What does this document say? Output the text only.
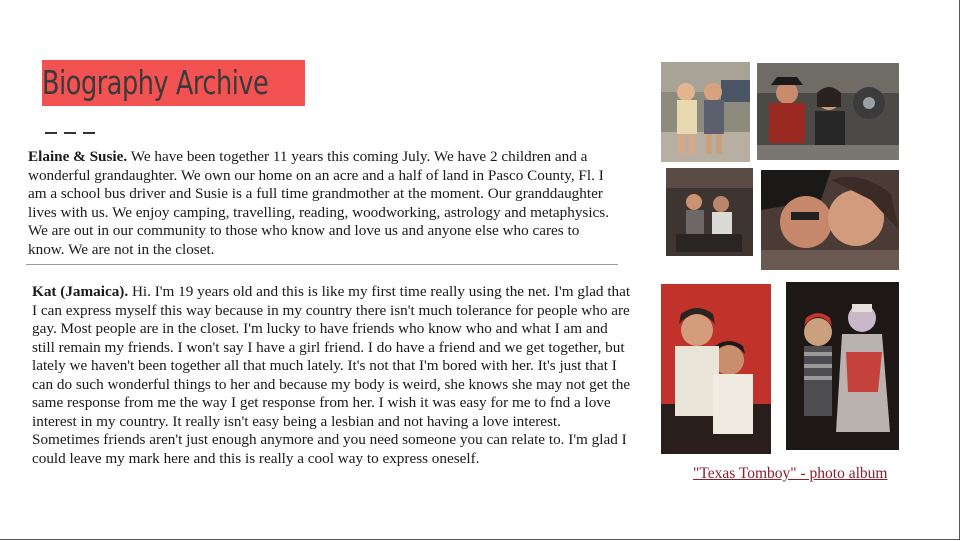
Biography Archive
Elaine & Susie. We have been together 11 years this coming July. We have 2 children and a wonderful grandaughter. We own our home on an acre and a half of land in Pasco County, Fl. I am a school bus driver and Susie is a full time grandmother at the moment. Our granddaughter lives with us. We enjoy camping, travelling, reading, woodworking, astrology and metaphysics. We are out in our community to those who know and love us and anyone else who cares to know. We are not in the closet.
Kat (Jamaica). Hi. I'm 19 years old and this is like my first time really using the net. I'm glad that I can express myself this way because in my country there isn't much tolerance for people who are gay. Most people are in the closet. I'm lucky to have friends who know who and what I am and still remain my friends. I won't say I have a girl friend. I do have a friend and we get together, but lately we haven't been together all that much lately. It's not that I'm bored with her. It's just that I can do such wonderful things to her and because my body is weird, she knows she may not get the same response from me the way I get response from her. I wish it was easy for me to fnd a love interest in my country. It really isn't easy being a lesbian and not having a love interest. Sometimes friends aren't just enough anymore and you need someone you can relate to. I'm glad I could leave my mark here and this is really a cool way to express oneself.
"Texas Tomboy" - photo album
